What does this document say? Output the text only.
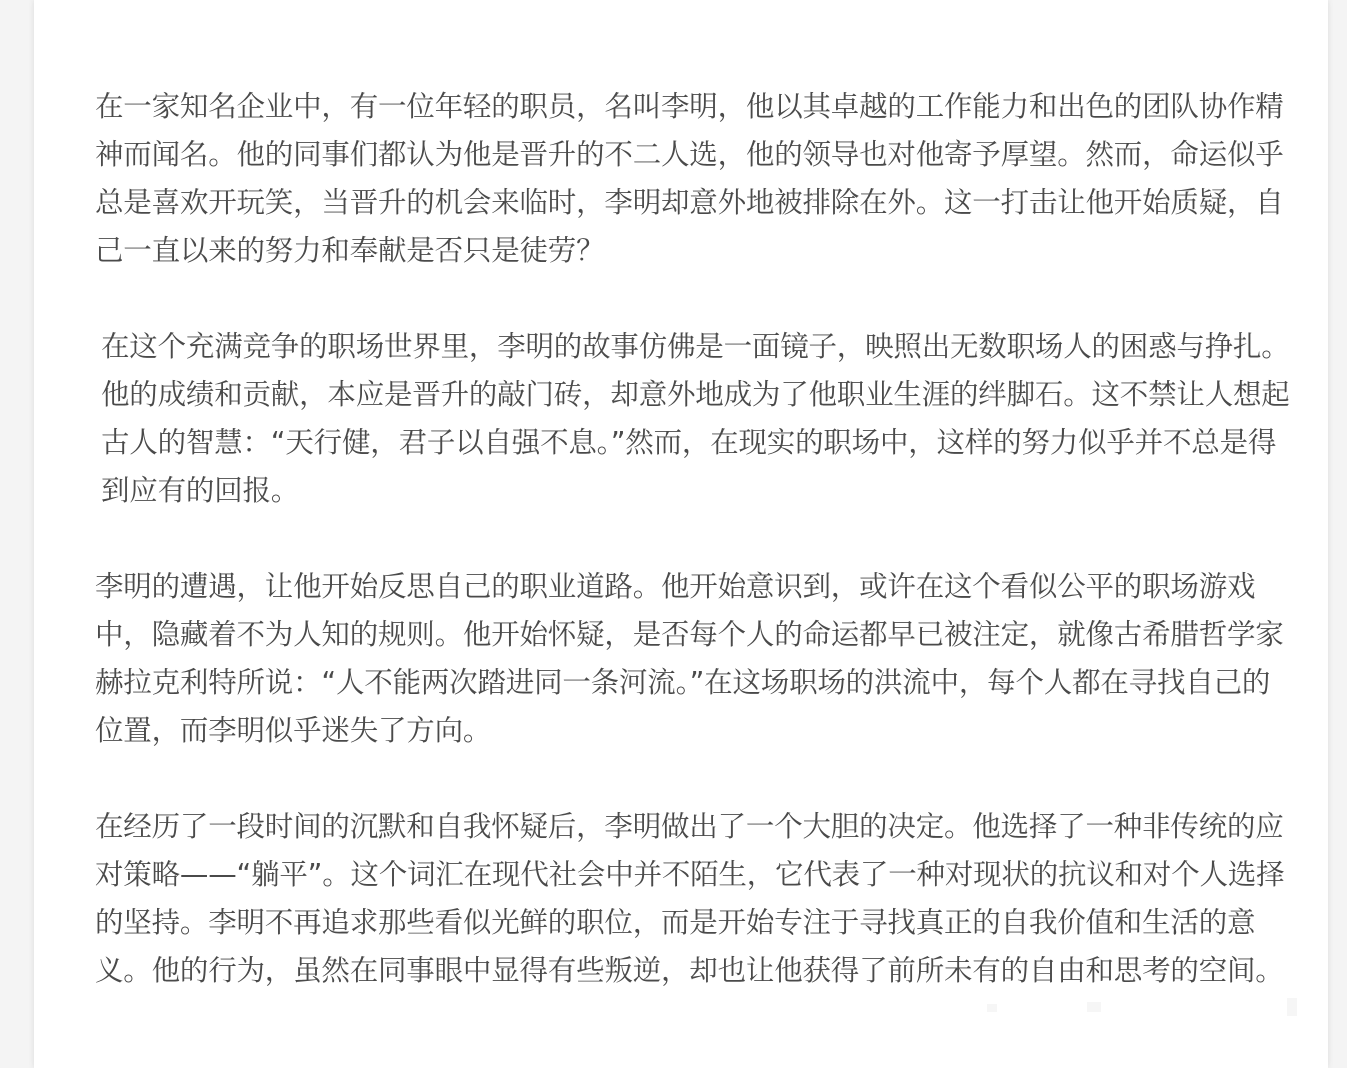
在一家知名企业中，有一位年轻的职员，名叫李明，他以其卓越的工作能力和出色的团队协作精神而闻名。他的同事们都认为他是晋升的不二人选，他的领导也对他寄予厚望。然而，命运似乎总是喜欢开玩笑，当晋升的机会来临时，李明却意外地被排除在外。这一打击让他开始质疑，自己一直以来的努力和奉献是否只是徒劳？

在这个充满竞争的职场世界里，李明的故事仿佛是一面镜子，映照出无数职场人的困惑与挣扎。他的成绩和贡献，本应是晋升的敲门砖，却意外地成为了他职业生涯的绊脚石。这不禁让人想起古人的智慧：“天行健，君子以自强不息。”然而，在现实的职场中，这样的努力似乎并不总是得到应有的回报。

李明的遭遇，让他开始反思自己的职业道路。他开始意识到，或许在这个看似公平的职场游戏中，隐藏着不为人知的规则。他开始怀疑，是否每个人的命运都早已被注定，就像古希腊哲学家赫拉克利特所说：“人不能两次踏进同一条河流。”在这场职场的洪流中，每个人都在寻找自己的位置，而李明似乎迷失了方向。

在经历了一段时间的沉默和自我怀疑后，李明做出了一个大胆的决定。他选择了一种非传统的应对策略——“躺平”。这个词汇在现代社会中并不陌生，它代表了一种对现状的抗议和对个人选择的坚持。李明不再追求那些看似光鲜的职位，而是开始专注于寻找真正的自我价值和生活的意义。他的行为，虽然在同事眼中显得有些叛逆，却也让他获得了前所未有的自由和思考的空间。
